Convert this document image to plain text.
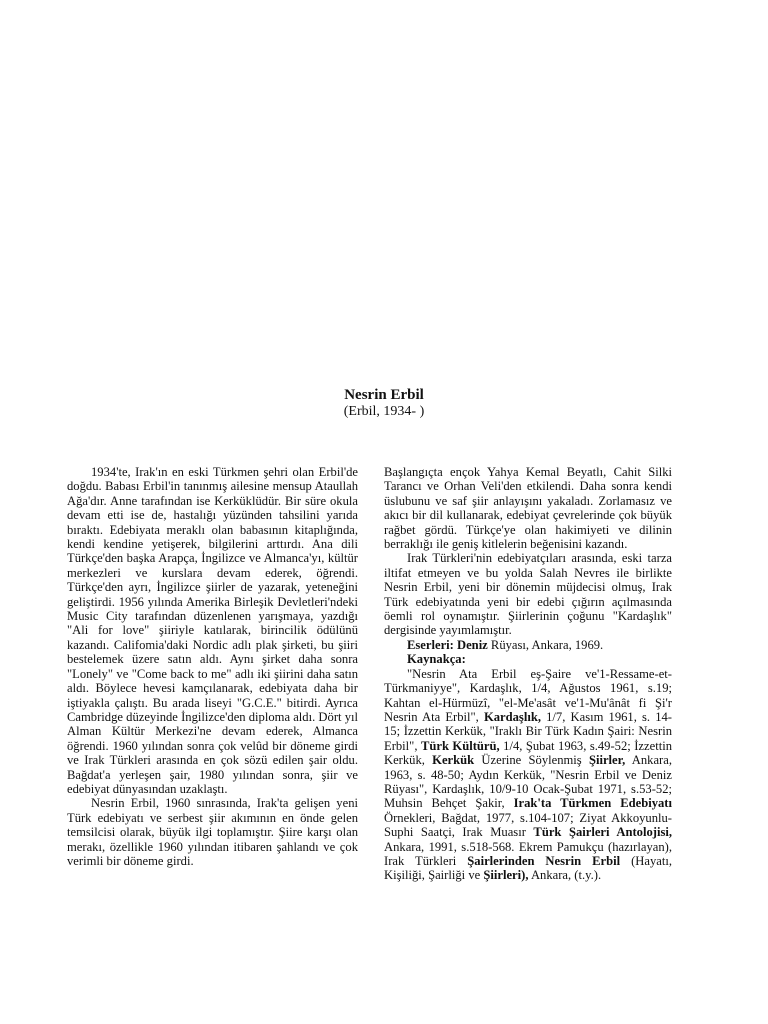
Nesrin Erbil
(Erbil, 1934- )

1934'te, Irak'ın en eski Türkmen şehri olan Erbil'de doğdu. Babası Erbil'in tanınmış ailesine mensup Ataullah Ağa'dır. Anne tarafından ise Kerküklüdür. Bir süre okula devam etti ise de, hastalığı yüzünden tahsilini yarıda bıraktı. Edebiyata meraklı olan babasının kitaplığında, kendi kendine yetişerek, bilgilerini arttırdı. Ana dili Türkçe'den başka Arapça, İngilizce ve Almanca'yı, kültür merkezleri ve kurslara devam ederek, öğrendi. Türkçe'den ayrı, İngilizce şiirler de yazarak, yeteneğini geliştirdi. 1956 yılında Amerika Birleşik Devletleri'ndeki Music City tarafından düzenlenen yarışmaya, yazdığı "Ali for love" şiiriyle katılarak, birincilik ödülünü kazandı. Califomia'daki Nordic adlı plak şirketi, bu şiiri bestelemek üzere satın aldı. Aynı şirket daha sonra "Lonely" ve "Come back to me" adlı iki şiirini daha satın aldı. Böylece hevesi kamçılanarak, edebiyata daha bir iştiyakla çalıştı. Bu arada liseyi "G.C.E." bitirdi. Ayrıca Cambridge düzeyinde İngilizce'den diploma aldı. Dört yıl Alman Kültür Merkezi'ne devam ederek, Almanca öğrendi. 1960 yılından sonra çok velûd bir döneme girdi ve Irak Türkleri arasında en çok sözü edilen şair oldu. Bağdat'a yerleşen şair, 1980 yılından sonra, şiir ve edebiyat dünyasından uzaklaştı.

Nesrin Erbil, 1960 sınrasında, Irak'ta gelişen yeni Türk edebiyatı ve serbest şiir akımının en önde gelen temsilcisi olarak, büyük ilgi toplamıştır. Şiire karşı olan merakı, özellikle 1960 yılından itibaren şahlandı ve çok verimli bir döneme girdi.

Başlangıçta ençok Yahya Kemal Beyatlı, Cahit Silki Tarancı ve Orhan Veli'den etkilendi. Daha sonra kendi üslubunu ve saf şiir anlayışını yakaladı. Zorlamasız ve akıcı bir dil kullanarak, edebiyat çevrelerinde çok büyük rağbet gördü. Türkçe'ye olan hakimiyeti ve dilinin berraklığı ile geniş kitlelerin beğenisini kazandı.

Irak Türkleri'nin edebiyatçıları arasında, eski tarza iltifat etmeyen ve bu yolda Salah Nevres ile birlikte Nesrin Erbil, yeni bir dönemin müjdecisi olmuş, Irak Türk edebiyatında yeni bir edebi çığırın açılmasında öemli rol oynamıştır. Şiirlerinin çoğunu "Kardaşlık" dergisinde yayımlamıştır.

Eserleri: Deniz Rüyası, Ankara, 1969.

Kaynakça:

"Nesrin Ata Erbil eş-Şaire ve'1-Ressame-et-Türkmaniyye", Kardaşlık, 1/4, Ağustos 1961, s.19; Kahtan el-Hürmüzî, "el-Me'asât ve'1-Mu'ânât fi Şi'r Nesrin Ata Erbil", Kardaşlık, 1/7, Kasım 1961, s. 14-15; İzzettin Kerkük, "Iraklı Bir Türk Kadın Şairi: Nesrin Erbil", Türk Kültürü, 1/4, Şubat 1963, s.49-52; İzzettin Kerkük, Kerkük Üzerine Söylenmiş Şiirler, Ankara, 1963, s. 48-50; Aydın Kerkük, "Nesrin Erbil ve Deniz Rüyası", Kardaşlık, 10/9-10 Ocak-Şubat 1971, s.53-52; Muhsin Behçet Şakir, Irak'ta Türkmen Edebiyatı Örnekleri, Bağdat, 1977, s.104-107; Ziyat Akkoyunlu-Suphi Saatçi, Irak Muasır Türk Şairleri Antolojisi, Ankara, 1991, s.518-568. Ekrem Pamukçu (hazırlayan), Irak Türkleri Şairlerinden Nesrin Erbil (Hayatı, Kişiliği, Şairliği ve Şiirleri), Ankara, (t.y.).
